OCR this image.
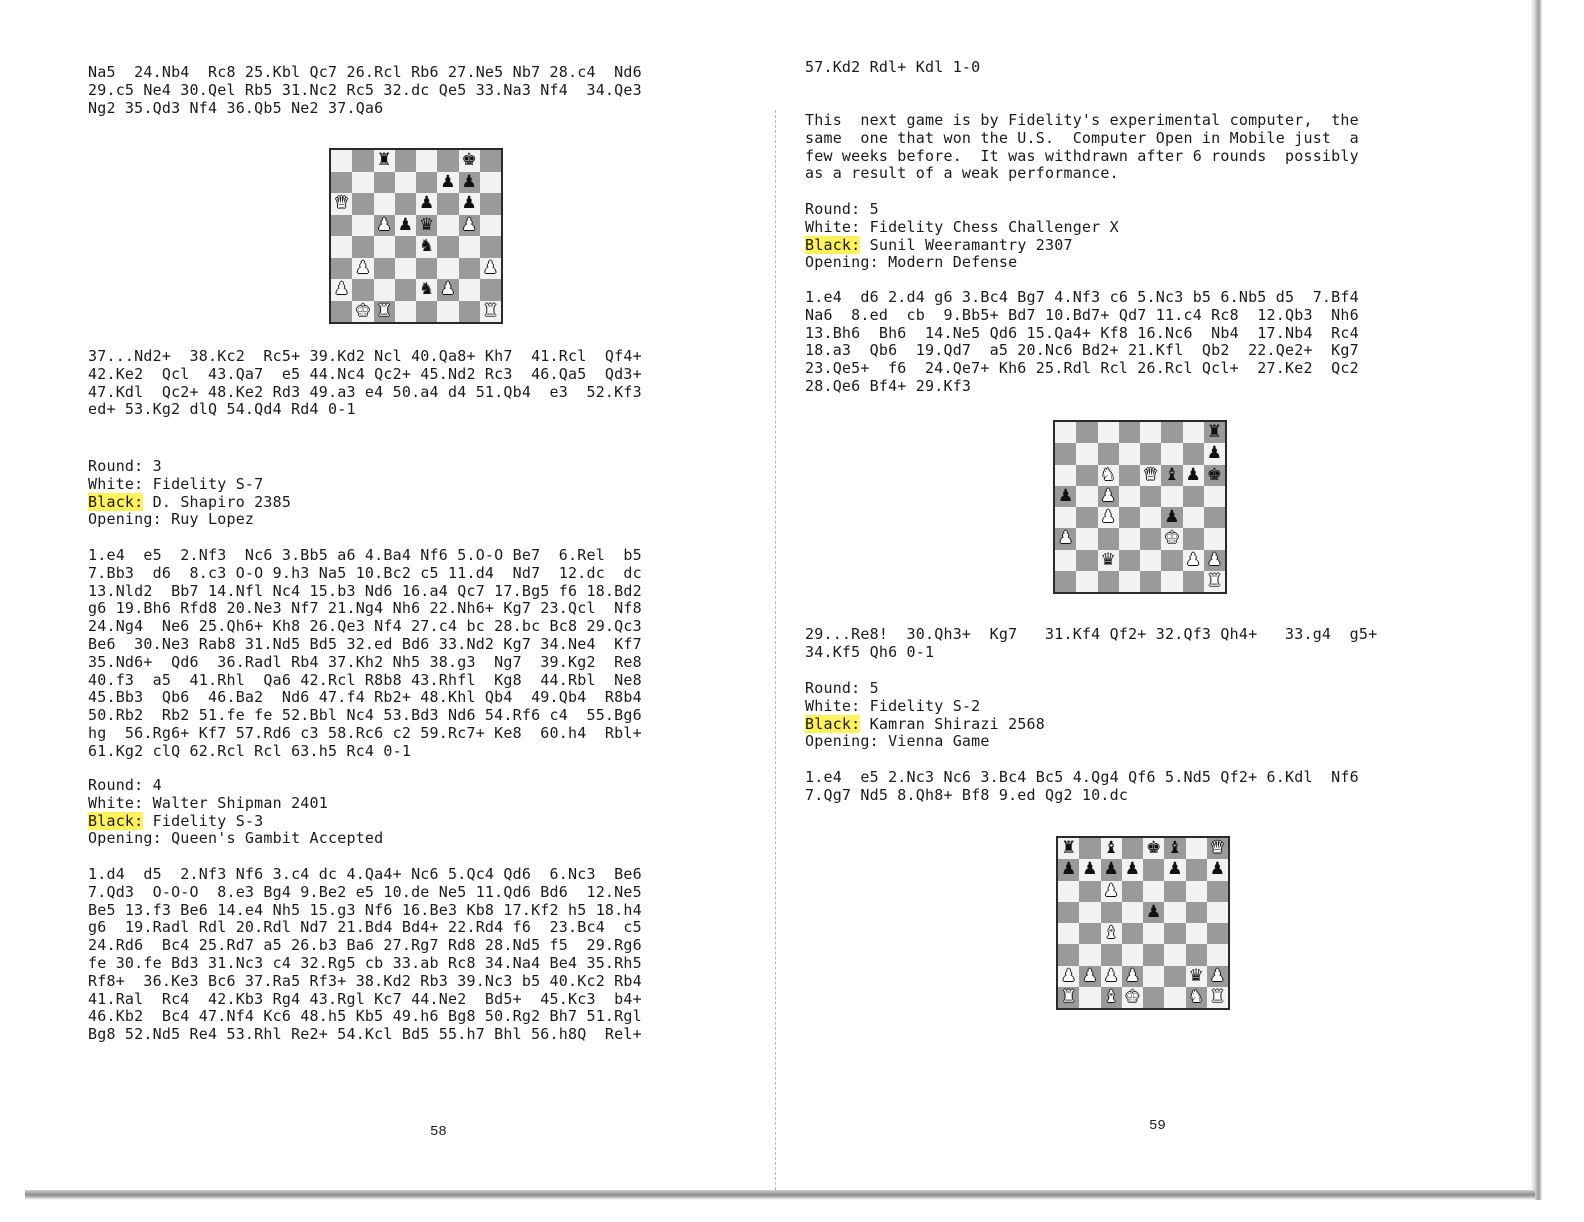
Na5  24.Nb4  Rc8 25.Kbl Qc7 26.Rcl Rb6 27.Ne5 Nb7 28.c4  Nd6
29.c5 Ne4 30.Qel Rb5 31.Nc2 Rc5 32.dc Qe5 33.Na3 Nf4  34.Qe3
Ng2 35.Qd3 Nf4 36.Qb5 Ne2 37.Qa6
♜	♚
♟ ♟
♛	♟ ♟
♟ ♟ ♛ ♟
♞
♟	♟
♟	♞ ♟
♚ ♜	♜
37...Nd2+  38.Kc2  Rc5+ 39.Kd2 Ncl 40.Qa8+ Kh7  41.Rcl  Qf4+
42.Ke2  Qcl  43.Qa7  e5 44.Nc4 Qc2+ 45.Nd2 Rc3  46.Qa5  Qd3+
47.Kdl  Qc2+ 48.Ke2 Rd3 49.a3 e4 50.a4 d4 51.Qb4  e3  52.Kf3
ed+ 53.Kg2 dlQ 54.Qd4 Rd4 0-1
Round: 3
White: Fidelity S-7
Black: D. Shapiro 2385
Opening: Ruy Lopez
1.e4  e5  2.Nf3  Nc6 3.Bb5 a6 4.Ba4 Nf6 5.O-O Be7  6.Rel  b5
7.Bb3  d6  8.c3 O-O 9.h3 Na5 10.Bc2 c5 11.d4  Nd7  12.dc  dc
13.Nld2  Bb7 14.Nfl Nc4 15.b3 Nd6 16.a4 Qc7 17.Bg5 f6 18.Bd2
g6 19.Bh6 Rfd8 20.Ne3 Nf7 21.Ng4 Nh6 22.Nh6+ Kg7 23.Qcl  Nf8
24.Ng4  Ne6 25.Qh6+ Kh8 26.Qe3 Nf4 27.c4 bc 28.bc Bc8 29.Qc3
Be6  30.Ne3 Rab8 31.Nd5 Bd5 32.ed Bd6 33.Nd2 Kg7 34.Ne4  Kf7
35.Nd6+  Qd6  36.Radl Rb4 37.Kh2 Nh5 38.g3  Ng7  39.Kg2  Re8
40.f3  a5  41.Rhl  Qa6 42.Rcl R8b8 43.Rhfl  Kg8  44.Rbl  Ne8
45.Bb3  Qb6  46.Ba2  Nd6 47.f4 Rb2+ 48.Khl Qb4  49.Qb4  R8b4
50.Rb2  Rb2 51.fe fe 52.Bbl Nc4 53.Bd3 Nd6 54.Rf6 c4  55.Bg6
hg  56.Rg6+ Kf7 57.Rd6 c3 58.Rc6 c2 59.Rc7+ Ke8  60.h4  Rbl+
61.Kg2 clQ 62.Rcl Rcl 63.h5 Rc4 0-1
Round: 4
White: Walter Shipman 2401
Black: Fidelity S-3
Opening: Queen's Gambit Accepted
1.d4  d5  2.Nf3 Nf6 3.c4 dc 4.Qa4+ Nc6 5.Qc4 Qd6  6.Nc3  Be6
7.Qd3  O-O-O  8.e3 Bg4 9.Be2 e5 10.de Ne5 11.Qd6 Bd6  12.Ne5
Be5 13.f3 Be6 14.e4 Nh5 15.g3 Nf6 16.Be3 Kb8 17.Kf2 h5 18.h4
g6  19.Radl Rdl 20.Rdl Nd7 21.Bd4 Bd4+ 22.Rd4 f6  23.Bc4  c5
24.Rd6  Bc4 25.Rd7 a5 26.b3 Ba6 27.Rg7 Rd8 28.Nd5 f5  29.Rg6
fe 30.fe Bd3 31.Nc3 c4 32.Rg5 cb 33.ab Rc8 34.Na4 Be4 35.Rh5
Rf8+  36.Ke3 Bc6 37.Ra5 Rf3+ 38.Kd2 Rb3 39.Nc3 b5 40.Kc2 Rb4
41.Ral  Rc4  42.Kb3 Rg4 43.Rgl Kc7 44.Ne2  Bd5+  45.Kc3  b4+
46.Kb2  Bc4 47.Nf4 Kc6 48.h5 Kb5 49.h6 Bg8 50.Rg2 Bh7 51.Rgl
Bg8 52.Nd5 Re4 53.Rhl Re2+ 54.Kcl Bd5 55.h7 Bhl 56.h8Q  Rel+
58
57.Kd2 Rdl+ Kdl 1-0
This  next game is by Fidelity's experimental computer,  the
same  one that won the U.S.  Computer Open in Mobile just  a
few weeks before.  It was withdrawn after 6 rounds  possibly
as a result of a weak performance.
Round: 5
White: Fidelity Chess Challenger X
Black: Sunil Weeramantry 2307
Opening: Modern Defense
1.e4  d6 2.d4 g6 3.Bc4 Bg7 4.Nf3 c6 5.Nc3 b5 6.Nb5 d5  7.Bf4
Na6  8.ed  cb  9.Bb5+ Bd7 10.Bd7+ Qd7 11.c4 Rc8  12.Qb3  Nh6
13.Bh6  Bh6  14.Ne5 Qd6 15.Qa4+ Kf8 16.Nc6  Nb4  17.Nb4  Rc4
18.a3  Qb6  19.Qd7  a5 20.Nc6 Bd2+ 21.Kfl  Qb2  22.Qe2+  Kg7
23.Qe5+  f6  24.Qe7+ Kh6 25.Rdl Rcl 26.Rcl Qcl+  27.Ke2  Qc2
28.Qe6 Bf4+ 29.Kf3
♜
♟
♞ ♛ ♝ ♟ ♚
♟ ♟
♟	♟
♟	♚
♛	♟ ♟
♜
29...Re8!  30.Qh3+  Kg7   31.Kf4 Qf2+ 32.Qf3 Qh4+   33.g4  g5+
34.Kf5 Qh6 0-1
Round: 5
White: Fidelity S-2
Black: Kamran Shirazi 2568
Opening: Vienna Game
1.e4  e5 2.Nc3 Nc6 3.Bc4 Bc5 4.Qg4 Qf6 5.Nd5 Qf2+ 6.Kdl  Nf6
7.Qg7 Nd5 8.Qh8+ Bf8 9.ed Qg2 10.dc
♜ ♝ ♚ ♝ ♛
♟ ♟ ♟ ♟ ♟ ♟
♟
♟
♝
♟ ♟ ♟ ♟	♛ ♟
♜ ♝ ♚	♞ ♜
59
